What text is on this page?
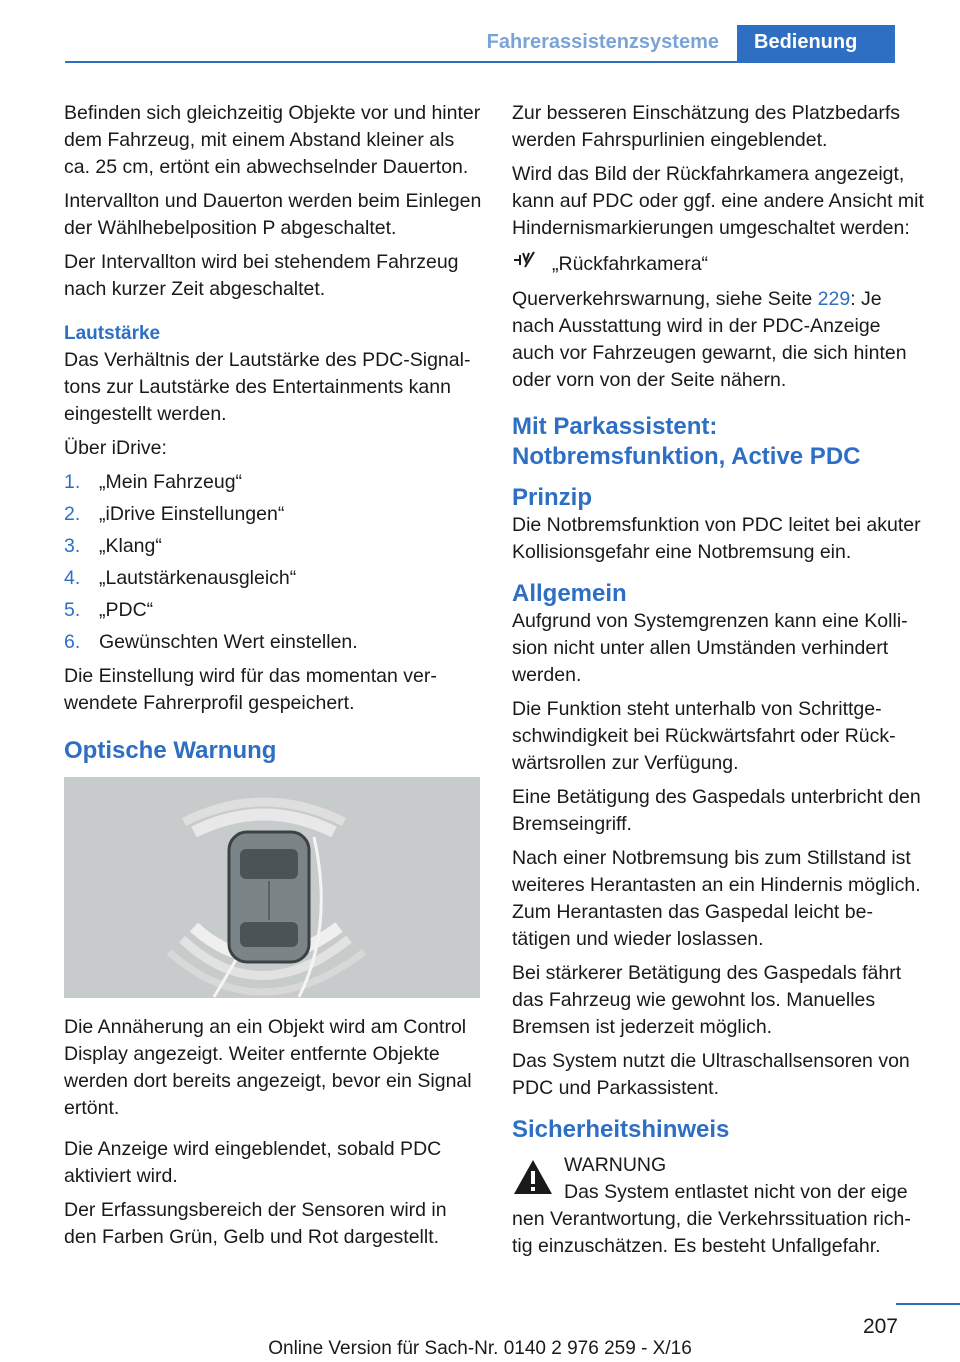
Fahrerassistenzsysteme Bedienung

Befinden sich gleichzeitig Objekte vor und hinter dem Fahrzeug, mit einem Abstand kleiner als ca. 25 cm, ertönt ein abwechselnder Dauerton.

Intervallton und Dauerton werden beim Einlegen der Wählhebelposition P abgeschaltet.

Der Intervallton wird bei stehendem Fahrzeug nach kurzer Zeit abgeschaltet.

Lautstärke

Das Verhältnis der Lautstärke des PDC-Signaltons zur Lautstärke des Entertainments kann eingestellt werden.

Über iDrive:

1. „Mein Fahrzeug“
2. „iDrive Einstellungen“
3. „Klang“
4. „Lautstärkenausgleich“
5. „PDC“
6. Gewünschten Wert einstellen.

Die Einstellung wird für das momentan verwendete Fahrerprofil gespeichert.

Optische Warnung

Die Annäherung an ein Objekt wird am Control Display angezeigt. Weiter entfernte Objekte werden dort bereits angezeigt, bevor ein Signal ertönt.

Die Anzeige wird eingeblendet, sobald PDC aktiviert wird.

Der Erfassungsbereich der Sensoren wird in den Farben Grün, Gelb und Rot dargestellt.

Zur besseren Einschätzung des Platzbedarfs werden Fahrspurlinien eingeblendet.

Wird das Bild der Rückfahrkamera angezeigt, kann auf PDC oder ggf. eine andere Ansicht mit Hindernismarkierungen umgeschaltet werden:

„Rückfahrkamera“

Querverkehrswarnung, siehe Seite 229: Je nach Ausstattung wird in der PDC-Anzeige auch vor Fahrzeugen gewarnt, die sich hinten oder vorn von der Seite nähern.

Mit Parkassistent: Notbremsfunktion, Active PDC
Prinzip

Die Notbremsfunktion von PDC leitet bei akuter Kollisionsgefahr eine Notbremsung ein.

Allgemein

Aufgrund von Systemgrenzen kann eine Kollision nicht unter allen Umständen verhindert werden.

Die Funktion steht unterhalb von Schrittgeschwindigkeit bei Rückwärtsfahrt oder Rückwärtsrollen zur Verfügung.

Eine Betätigung des Gaspedals unterbricht den Bremseingriff.

Nach einer Notbremsung bis zum Stillstand ist weiteres Herantasten an ein Hindernis möglich. Zum Herantasten das Gaspedal leicht betätigen und wieder loslassen.

Bei stärkerer Betätigung des Gaspedals fährt das Fahrzeug wie gewohnt los. Manuelles Bremsen ist jederzeit möglich.

Das System nutzt die Ultraschallsensoren von PDC und Parkassistent.

Sicherheitshinweis

WARNUNG

Das System entlastet nicht von der eige

nen Verantwortung, die Verkehrssituation richtig einzuschätzen. Es besteht Unfallgefahr.

207
Online Version für Sach-Nr. 0140 2 976 259 - X/16
